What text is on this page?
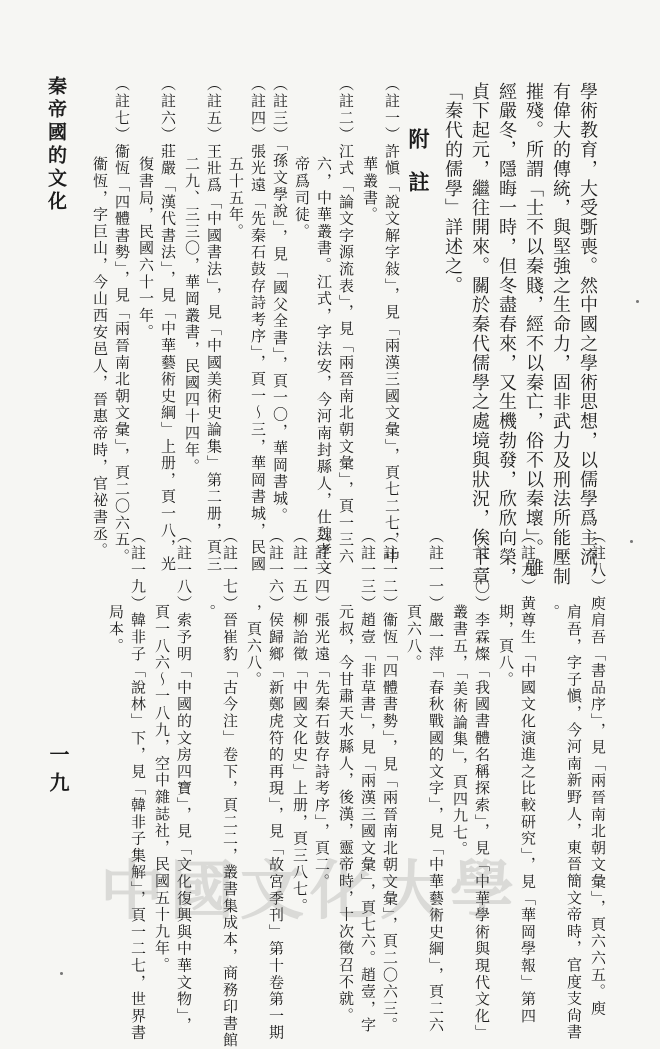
學術教育，大受斲喪。然中國之學術思想，以儒學爲主流，
有偉大的傳統，與堅強之生命力，固非武力及刑法所能壓制
摧殘。所謂「士不以秦賤，經不以秦亡，俗不以秦壞」。雖
經嚴冬，隱晦一時，但冬盡春來，又生機勃發，欣欣向榮，
貞下起元，繼往開來。關於秦代儒學之處境與狀況，俟下章
「秦代的儒學」詳述之。
附註
（註一）許愼「說文解字敍」，見「兩漢三國文彙」，頁七二七，中
華叢書。
（註二）江式「論文字源流表」，見「兩晉南北朝文彙」，頁一三六
六，中華叢書。江式，字法安，今河南封縣人，仕魏孝文
帝爲司徒。
（註三）「孫文學說」，見「國父全書」，頁一〇，華岡書城。
（註四）張光遠「先秦石鼓存詩考序」，頁一～三，華岡書城，民國
五十五年。
（註五）王壯爲「中國書法」，見「中國美術史論集」第二册，頁三
二九、三三〇，華岡叢書，民國四十四年。
（註六）莊嚴「漢代書法」，見「中華藝術史綱」上册，頁一八，光
復書局，民國六十一年。
（註七）衞恆「四體書勢」，見「兩晉南北朝文彙」，頁二〇六五。
衞恆，字巨山，今山西安邑人，晉惠帝時，官祕書丞。
秦帝國的文化
（註八）庾肩吾「書品序」，見「兩晉南北朝文彙」，頁六六五。庾
肩吾，字子愼，今河南新野人，東晉簡文帝時，官度支尙書
。
（註九）黄尊生「中國文化演進之比較研究」，見「華岡學報」第四
期，頁八。
（註一〇）李霖燦「我國書體名稱探索」，見「中華學術與現代文化」
叢書五，「美術論集」，頁四九七。
（註一一）嚴一萍「春秋戰國的文字」，見「中華藝術史綱」，頁二六
頁六八。
（註一二）衞恆「四體書勢」，見「兩晉南北朝文彙」，頁二〇六三。
（註一三）趙壹「非草書」，見「兩漢三國文彙」，頁七六。趙壹，字
元叔，今甘肅天水縣人，後漢，靈帝時，十次徵召不就。
（註一四）張光遠「先秦石鼓存詩考序」，頁二。
（註一五）柳詒徵「中國文化史」上册，頁三八七。
（註一六）侯歸鄉「新鄭虎符的再現」，見「故宮季刊」第十卷第一期
，頁六八。
（註一七）晉崔豹「古今注」卷下，頁二二，叢書集成本，商務印書館
。
（註一八）索予明「中國的文房四寶」，見「文化復興與中華文物」，
頁一八六～一八九，空中雜誌社，民國五十九年。
（註一九）韓非子「說林」下，見「韓非子集解」，頁一二七，世界書
局本。
一九
中國文化大學
